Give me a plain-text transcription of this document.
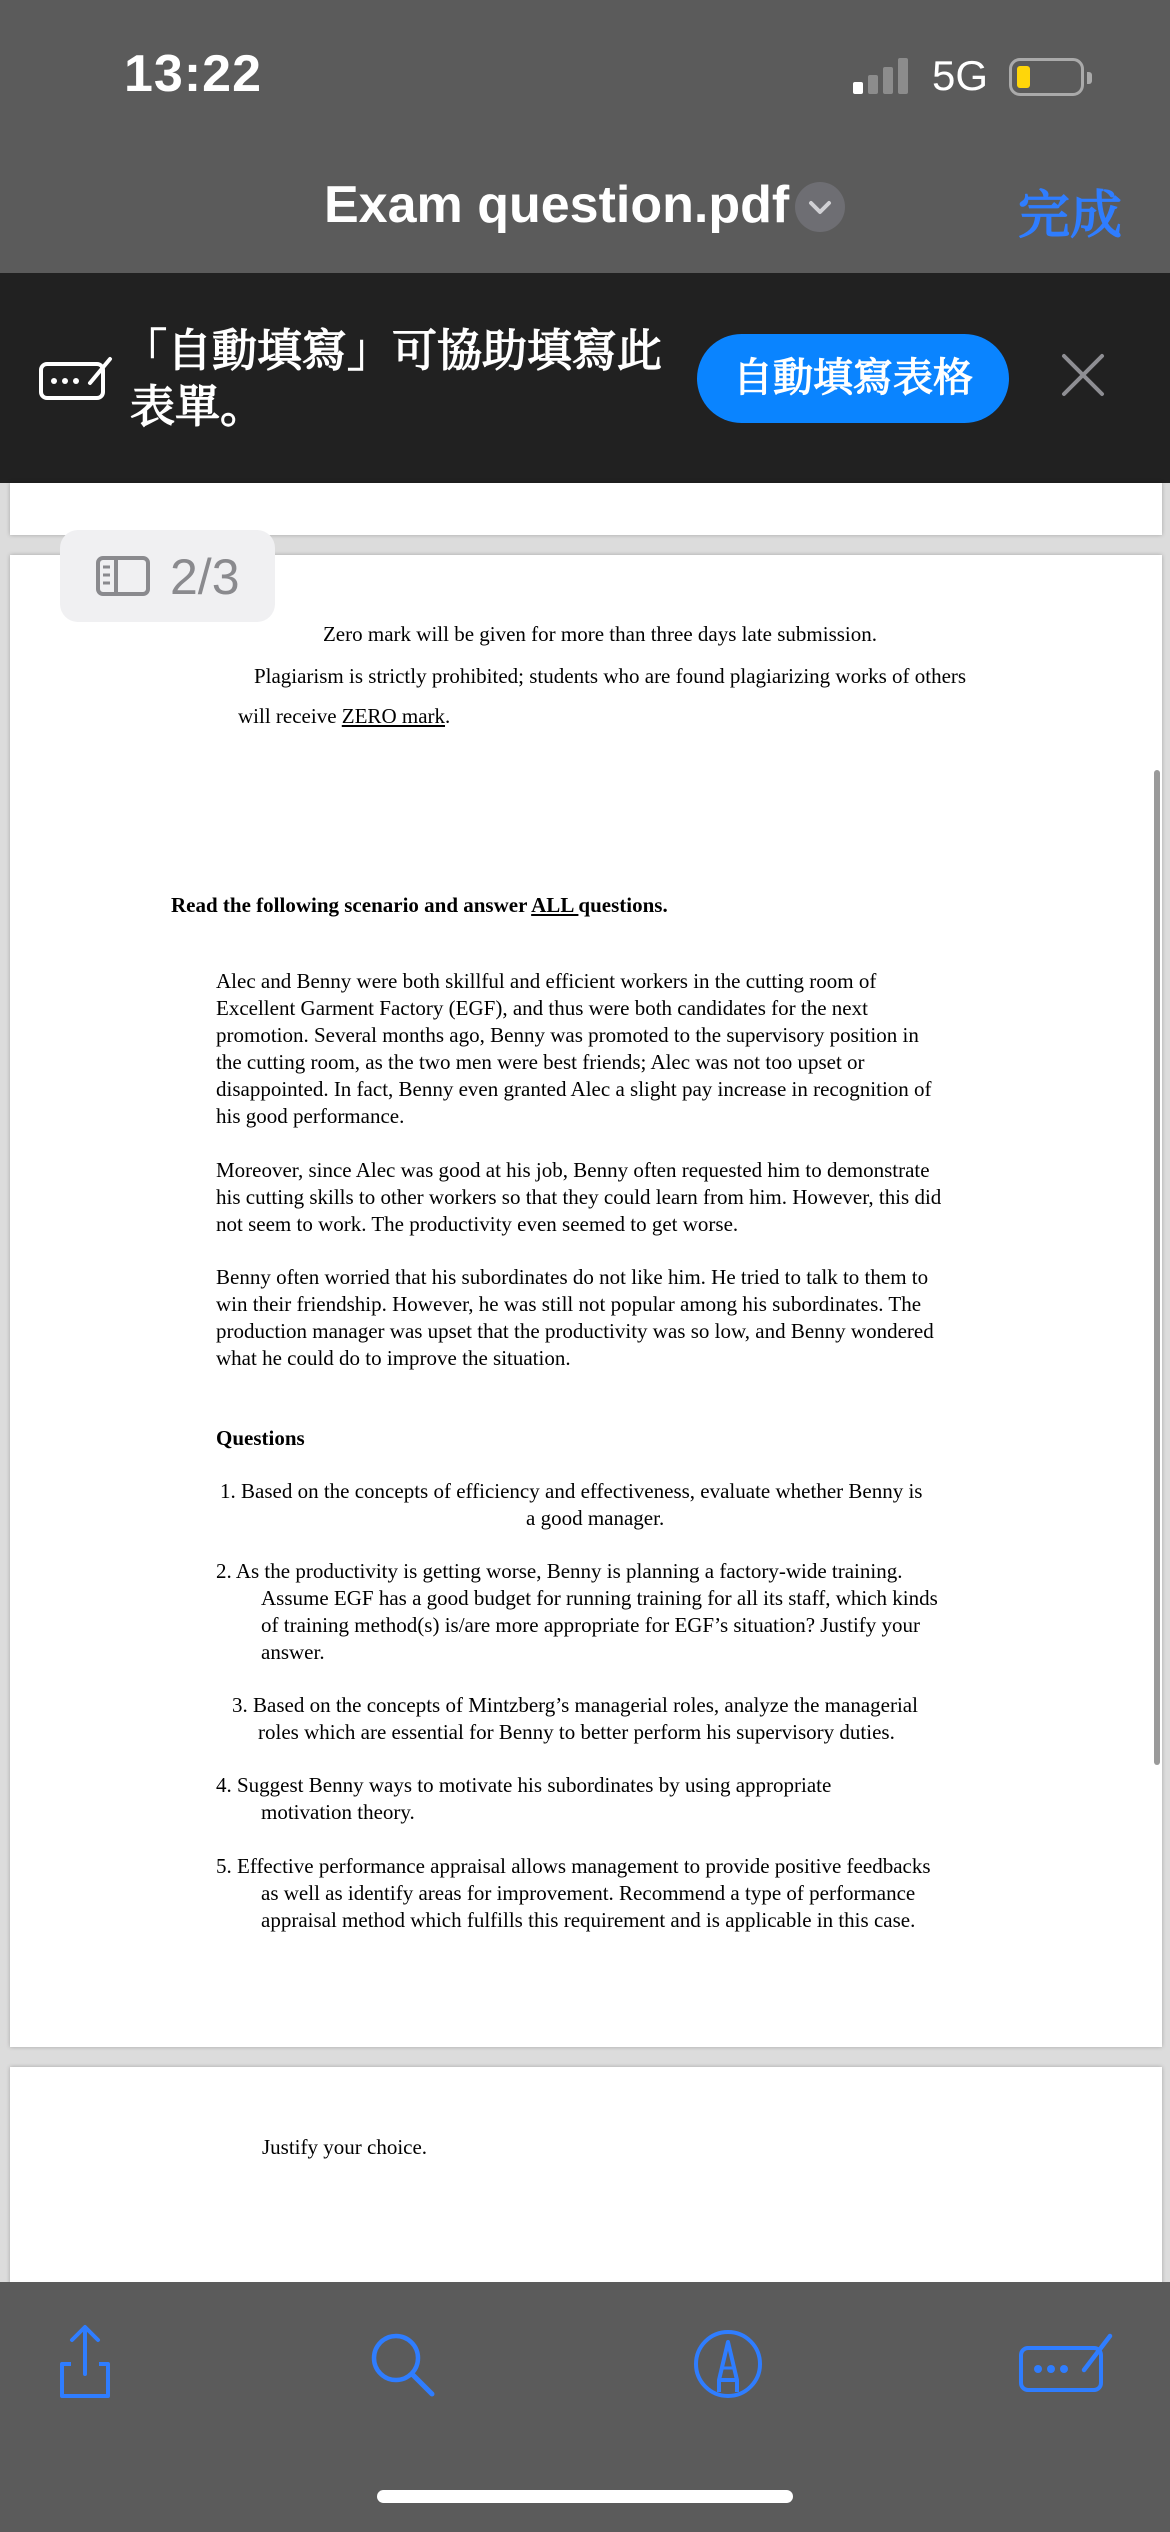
13:22	5G
Exam question.pdf	完成
「自動填寫」可協助填寫此
表單。
自動填寫表格
2/3
Zero mark will be given for more than three days late submission.
Plagiarism is strictly prohibited; students who are found plagiarizing works of others
will receive ZERO mark.
Read the following scenario and answer ALL questions.
Alec and Benny were both skillful and efficient workers in the cutting room of
Excellent Garment Factory (EGF), and thus were both candidates for the next
promotion. Several months ago, Benny was promoted to the supervisory position in
the cutting room, as the two men were best friends; Alec was not too upset or
disappointed. In fact, Benny even granted Alec a slight pay increase in recognition of
his good performance.
Moreover, since Alec was good at his job, Benny often requested him to demonstrate
his cutting skills to other workers so that they could learn from him. However, this did
not seem to work. The productivity even seemed to get worse.
Benny often worried that his subordinates do not like him. He tried to talk to them to
win their friendship. However, he was still not popular among his subordinates. The
production manager was upset that the productivity was so low, and Benny wondered
what he could do to improve the situation.
Questions
1. Based on the concepts of efficiency and effectiveness, evaluate whether Benny is
a good manager.
2. As the productivity is getting worse, Benny is planning a factory-wide training.
Assume EGF has a good budget for running training for all its staff, which kinds
of training method(s) is/are more appropriate for EGF’s situation? Justify your
answer.
3. Based on the concepts of Mintzberg’s managerial roles, analyze the managerial
roles which are essential for Benny to better perform his supervisory duties.
4. Suggest Benny ways to motivate his subordinates by using appropriate
motivation theory.
5. Effective performance appraisal allows management to provide positive feedbacks
as well as identify areas for improvement. Recommend a type of performance
appraisal method which fulfills this requirement and is applicable in this case.
Justify your choice.
